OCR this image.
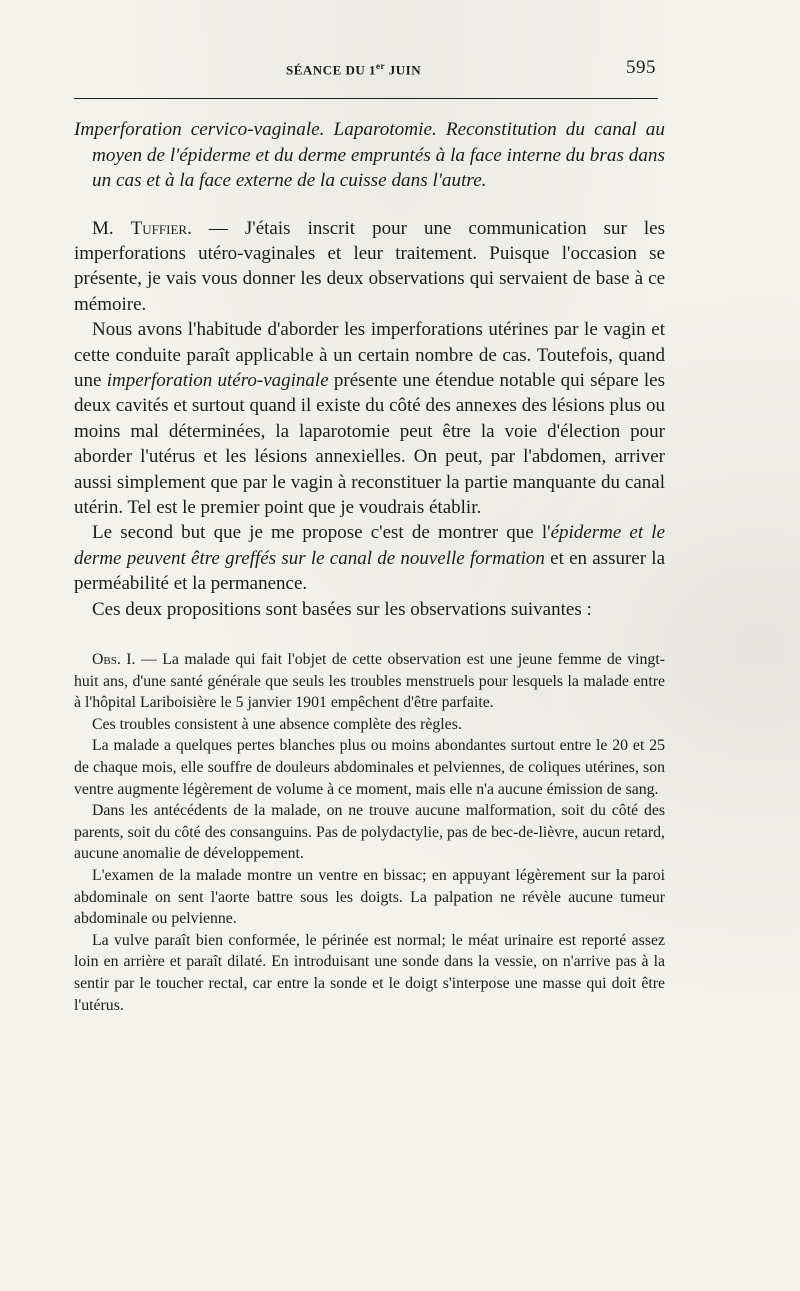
SÉANCE DU 1er JUIN	595
Imperforation cervico-vaginale. Laparotomie. Reconstitution du canal au moyen de l'épiderme et du derme empruntés à la face interne du bras dans un cas et à la face externe de la cuisse dans l'autre.

M. Tuffier. — J'étais inscrit pour une communication sur les imperforations utéro-vaginales et leur traitement. Puisque l'occasion se présente, je vais vous donner les deux observations qui servaient de base à ce mémoire.

Nous avons l'habitude d'aborder les imperforations utérines par le vagin et cette conduite paraît applicable à un certain nombre de cas. Toutefois, quand une imperforation utéro-vaginale présente une étendue notable qui sépare les deux cavités et surtout quand il existe du côté des annexes des lésions plus ou moins mal déterminées, la laparotomie peut être la voie d'élection pour aborder l'utérus et les lésions annexielles. On peut, par l'abdomen, arriver aussi simplement que par le vagin à reconstituer la partie manquante du canal utérin. Tel est le premier point que je voudrais établir.

Le second but que je me propose c'est de montrer que l'épiderme et le derme peuvent être greffés sur le canal de nouvelle formation et en assurer la perméabilité et la permanence.

Ces deux propositions sont basées sur les observations suivantes :

Obs. I. — La malade qui fait l'objet de cette observation est une jeune femme de vingt-huit ans, d'une santé générale que seuls les troubles menstruels pour lesquels la malade entre à l'hôpital Lariboisière le 5 janvier 1901 empêchent d'être parfaite.

Ces troubles consistent à une absence complète des règles.

La malade a quelques pertes blanches plus ou moins abondantes surtout entre le 20 et 25 de chaque mois, elle souffre de douleurs abdominales et pelviennes, de coliques utérines, son ventre augmente légèrement de volume à ce moment, mais elle n'a aucune émission de sang.

Dans les antécédents de la malade, on ne trouve aucune malformation, soit du côté des parents, soit du côté des consanguins. Pas de polydactylie, pas de bec-de-lièvre, aucun retard, aucune anomalie de développement.

L'examen de la malade montre un ventre en bissac; en appuyant légèrement sur la paroi abdominale on sent l'aorte battre sous les doigts. La palpation ne révèle aucune tumeur abdominale ou pelvienne.

La vulve paraît bien conformée, le périnée est normal; le méat urinaire est reporté assez loin en arrière et paraît dilaté. En introduisant une sonde dans la vessie, on n'arrive pas à la sentir par le toucher rectal, car entre la sonde et le doigt s'interpose une masse qui doit être l'utérus.
